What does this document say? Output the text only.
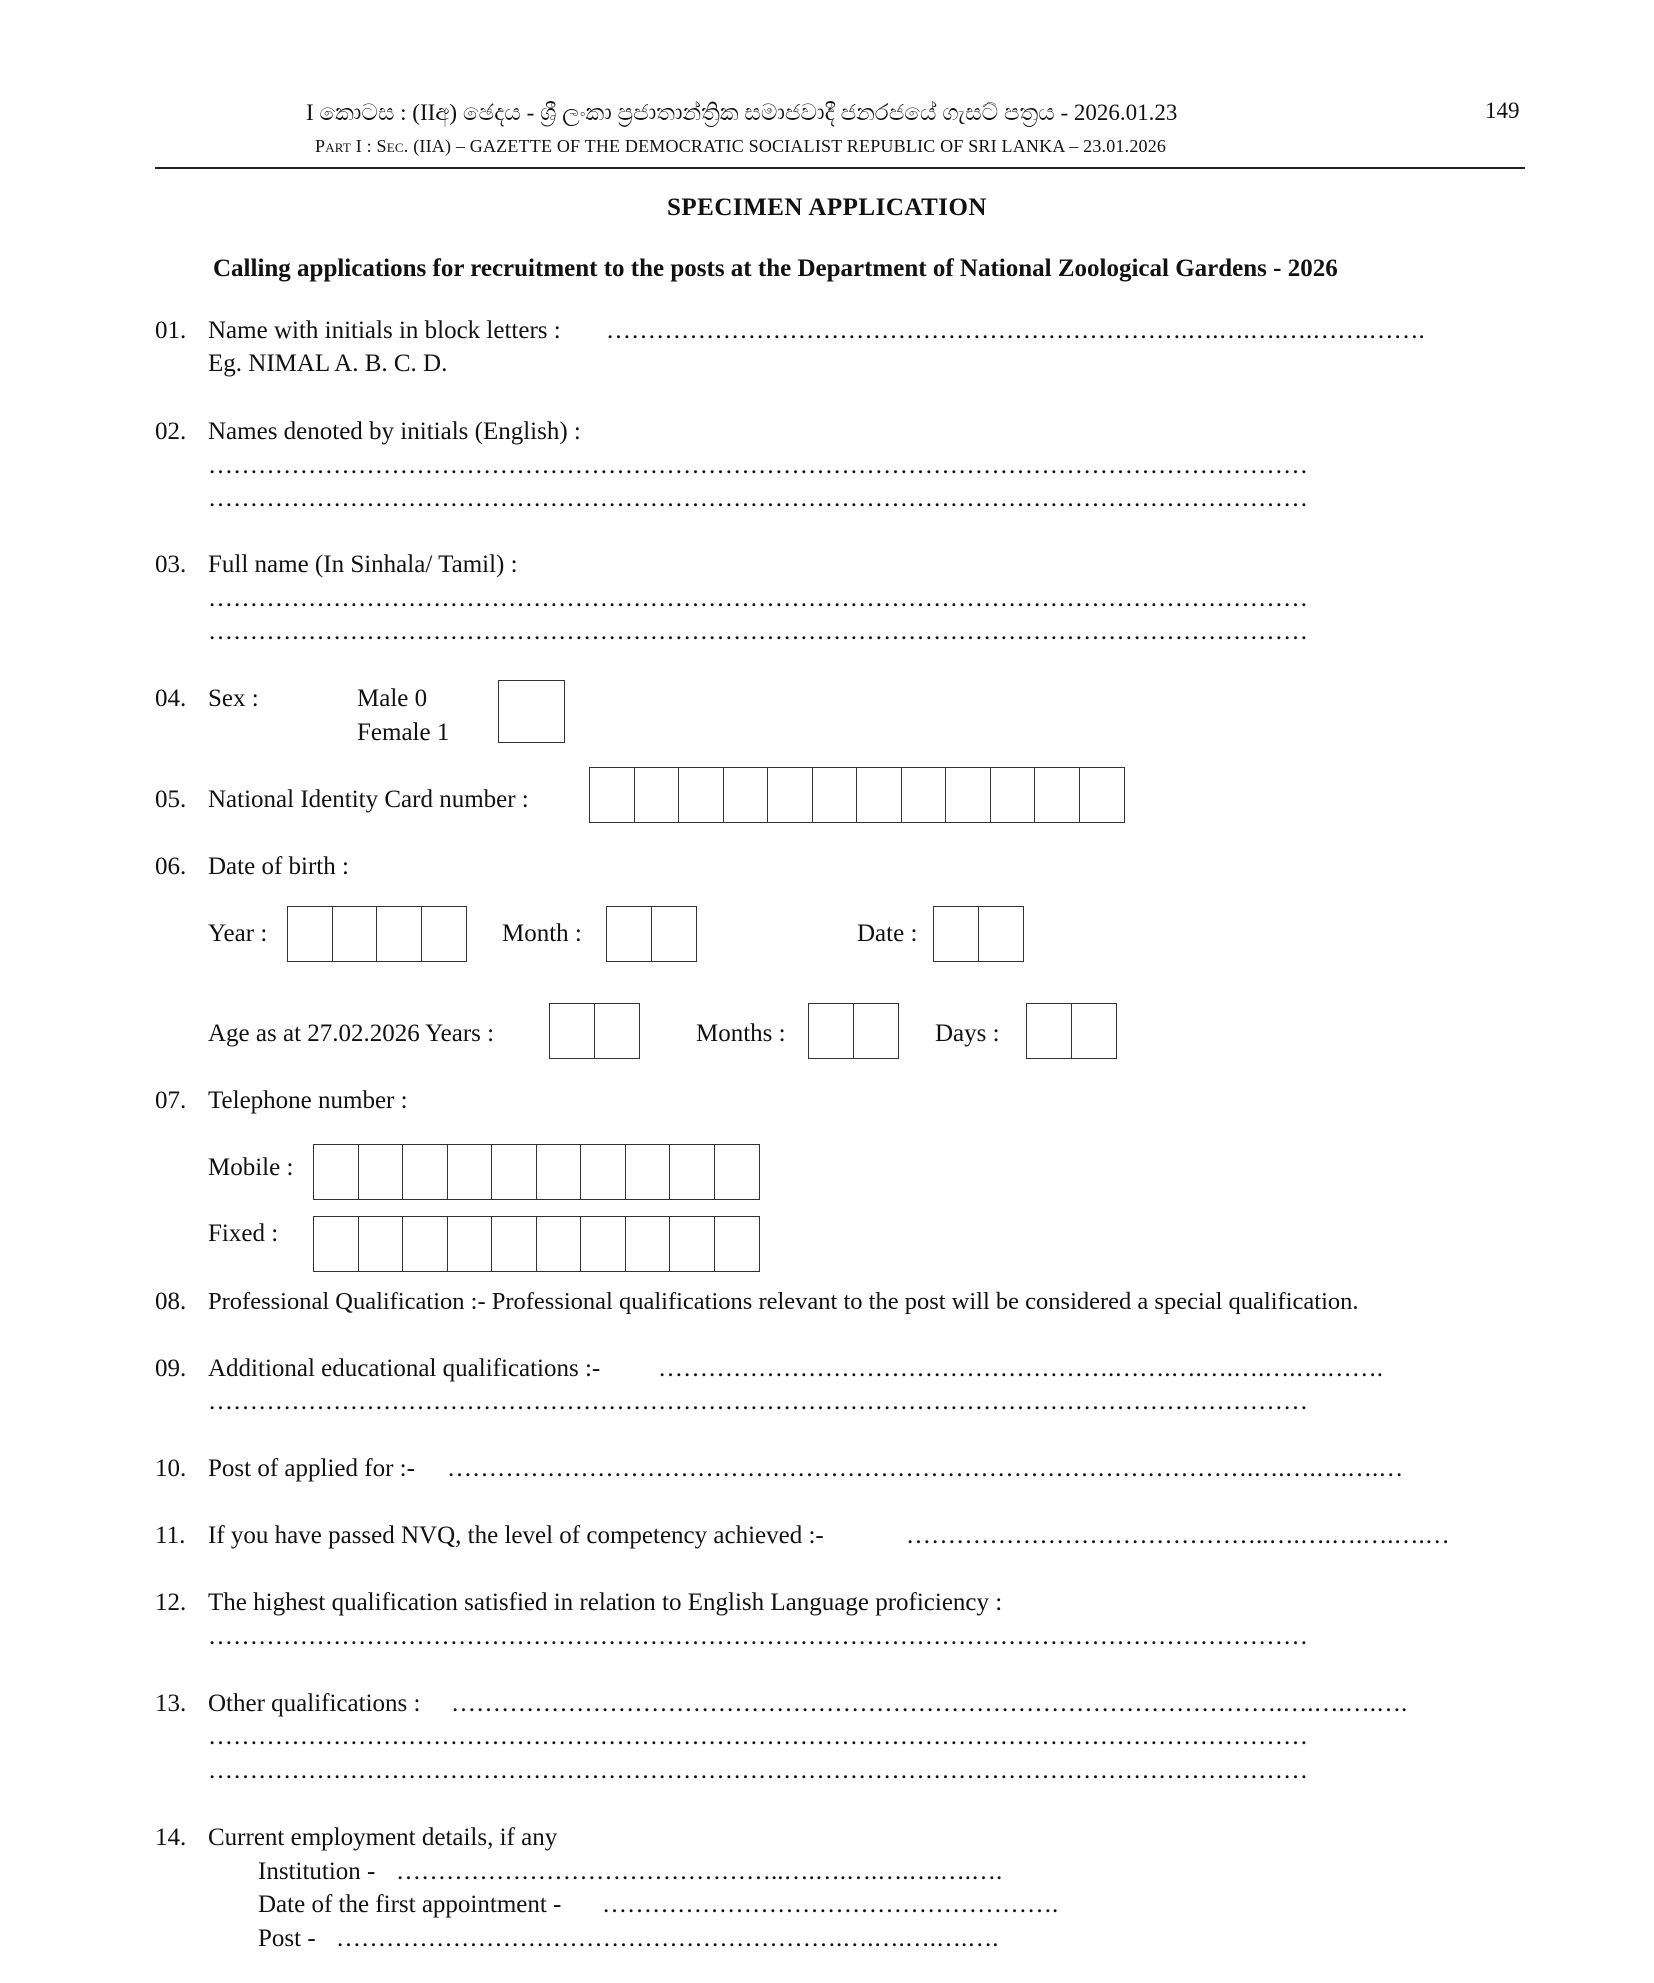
I කොටස : (IIඅ) ඡෙදය - ශ්‍රී ලංකා ප්‍රජාතාන්ත්‍රික සමාජවාදී ජනරජයේ ගැසට් පත්‍රය - 2026.01.23
Part I : Sec. (IIA) – GAZETTE OF THE DEMOCRATIC SOCIALIST REPUBLIC OF SRI LANKA – 23.01.2026
149
SPECIMEN APPLICATION
Calling applications for recruitment to the posts at the Department of National Zoological Gardens - 2026
01. Name with initials in block letters : …………………………………………………………….….….….….…….…….
Eg. NIMAL A. B. C. D.
02. Names denoted by initials (English) :
……………………………………………………………………………………………………………………
……………………………………………………………………………………………………………………
03. Full name (In Sinhala/ Tamil) :
……………………………………………………………………………………………………………………
……………………………………………………………………………………………………………………
04. Sex :	Male 0
Female 1
05. National Identity Card number :
06. Date of birth :
Year :	Month :	Date :
Age as at 27.02.2026 Years :	Months :	Days :
07. Telephone number :
Mobile :
Fixed :
08. Professional Qualification :- Professional qualifications relevant to the post will be considered a special qualification.
09. Additional educational qualifications :- ……………………………………………….…….….….….….….…….
……………………………………………………………………………………………………………………
10. Post of applied for :- …………………………………………………………………………………….….….….….…
11. If you have passed NVQ, the level of competency achieved :-	……………………………………..….….….….….…
12. The highest qualification satisfied in relation to English Language proficiency :
……………………………………………………………………………………………………………………
13. Other qualifications : ……………………………………………………………………………………….….….….….
……………………………………………………………………………………………………………………
……………………………………………………………………………………………………………………
14. Current employment details, if any
Institution - ………………………………………..….….….….….….….
Date of the first appointment - ……………………………………………….
Post - …………………………………………………….….….….….….
